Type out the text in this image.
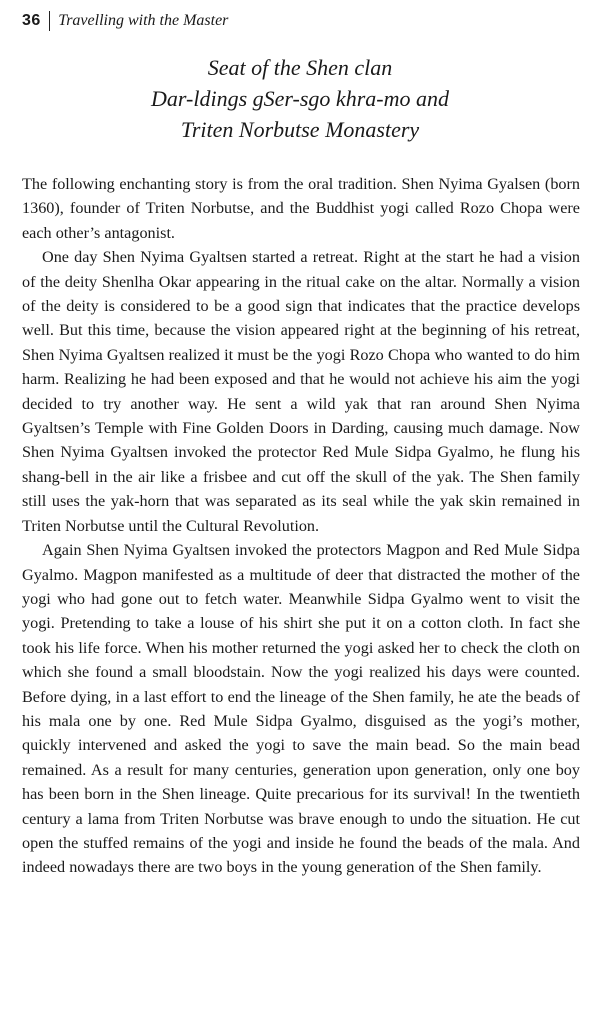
36 Travelling with the Master
Seat of the Shen clan
Dar-ldings gSer-sgo khra-mo and
Triten Norbutse Monastery

The following enchanting story is from the oral tradition. Shen Nyima Gyalsen (born 1360), founder of Triten Norbutse, and the Buddhist yogi called Rozo Chopa were each other’s antagonist.

One day Shen Nyima Gyaltsen started a retreat. Right at the start he had a vision of the deity Shenlha Okar appearing in the ritual cake on the altar. Normally a vision of the deity is considered to be a good sign that indicates that the practice develops well. But this time, because the vision appeared right at the beginning of his retreat, Shen Nyima Gyaltsen realized it must be the yogi Rozo Chopa who wanted to do him harm. Realizing he had been exposed and that he would not achieve his aim the yogi decided to try another way. He sent a wild yak that ran around Shen Nyima Gyaltsen’s Temple with Fine Golden Doors in Darding, causing much damage. Now Shen Nyima Gyaltsen invoked the protector Red Mule Sidpa Gyalmo, he flung his shang-bell in the air like a frisbee and cut off the skull of the yak. The Shen family still uses the yak-horn that was separated as its seal while the yak skin remained in Triten Norbutse until the Cultural Revolution.

Again Shen Nyima Gyaltsen invoked the protectors Magpon and Red Mule Sidpa Gyalmo. Magpon manifested as a multitude of deer that distracted the mother of the yogi who had gone out to fetch water. Meanwhile Sidpa Gyalmo went to visit the yogi. Pretending to take a louse of his shirt she put it on a cotton cloth. In fact she took his life force. When his mother returned the yogi asked her to check the cloth on which she found a small bloodstain. Now the yogi realized his days were counted. Before dying, in a last effort to end the lineage of the Shen family, he ate the beads of his mala one by one. Red Mule Sidpa Gyalmo, disguised as the yogi’s mother, quickly intervened and asked the yogi to save the main bead. So the main bead remained. As a result for many centuries, generation upon generation, only one boy has been born in the Shen lineage. Quite precarious for its survival! In the twentieth century a lama from Triten Norbutse was brave enough to undo the situation. He cut open the stuffed remains of the yogi and inside he found the beads of the mala. And indeed nowadays there are two boys in the young generation of the Shen family.
